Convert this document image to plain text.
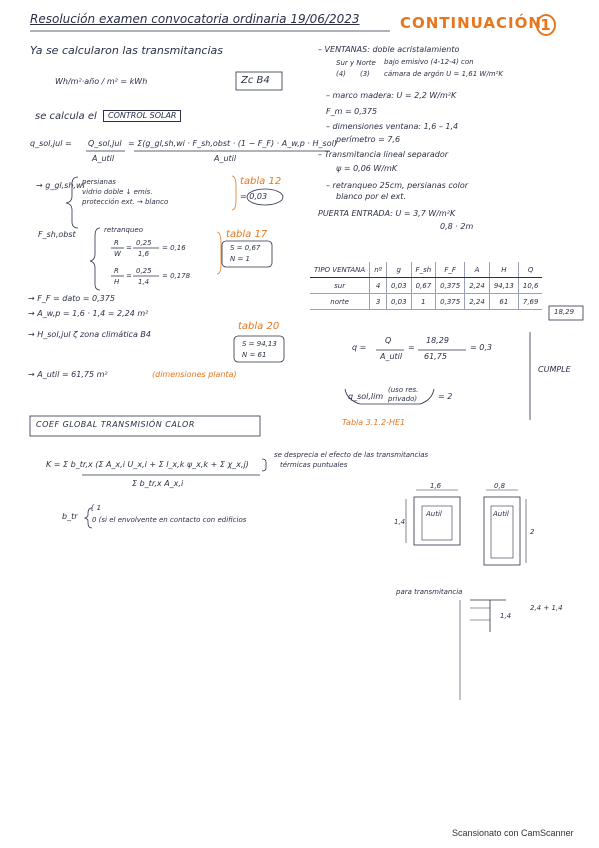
Resolución examen convocatoria ordinaria 19/06/2023	CONTINUACIÓN
1
Ya se calcularon las transmitancias
Wh/m²·año / m² = kWh	Zc B4
se calcula el	CONTROL SOLAR
q_sol,jul = Q_sol,jul
A_util
= Σ(g_gl,sh,wi · F_sh,obst · (1 − F_F) · A_w,p · H_sol)
A_util
→ g_gl,sh,wi
persianas
vidrio doble ↓ emis.
protección ext. → blanco
tabla 12
= 0,03
F_sh,obst	retranqueo
R
W
=
0,25
1,6
= 0,16
R
H
=
0,25
1,4
= 0,178
tabla 17
S = 0,67
N = 1
→ F_F = dato = 0,375
→ A_w,p = 1,6 · 1,4 = 2,24 m²
→ H_sol,jul ζ zona climática B4
tabla 20
S = 94,13
N = 61
→ A_util = 61,75 m²	(dimensiones planta)
– VENTANAS: doble acristalamiento
Sur y Norte bajo emisivo (4-12-4) con
(4) (3) cámara de argón U = 1,61 W/m²K
– marco madera: U = 2,2 W/m²K
F_m = 0,375
– dimensiones ventana: 1,6 – 1,4
perímetro = 7,6
– Transmitancia lineal separador
ψ = 0,06 W/mK
– retranqueo 25cm, persianas color
blanco por el ext.
PUERTA ENTRADA: U = 3,7 W/m²K
0,8 · 2m
TIPO VENTANA	nº	g	F_sh	F_F	A	H	Q
sur	4	0,03	0,67	0,375	2,24	94,13	10,6
norte	3	0,03	1	0,375	2,24	61	7,69
18,29
q =
Q
A_util
=
18,29
61,75
= 0,3
q_sol,lim
(uso res.
privado)	= 2
Tabla 3.1.2-HE1
CUMPLE
COEF GLOBAL TRANSMISIÓN CALOR
K = Σ b_tr,x (Σ A_x,i U_x,i + Σ l_x,k ψ_x,k + Σ χ_x,j)
Σ b_tr,x A_x,i
se desprecia el efecto de las transmitancias
térmicas puntuales
b_tr
{ 1
0 (si el envolvente en contacto con edificios
1,6	0,8
1,4
2
Autil	Autil
para transmitancia
1,4
2,4 + 1,4
Scansionato con CamScanner
